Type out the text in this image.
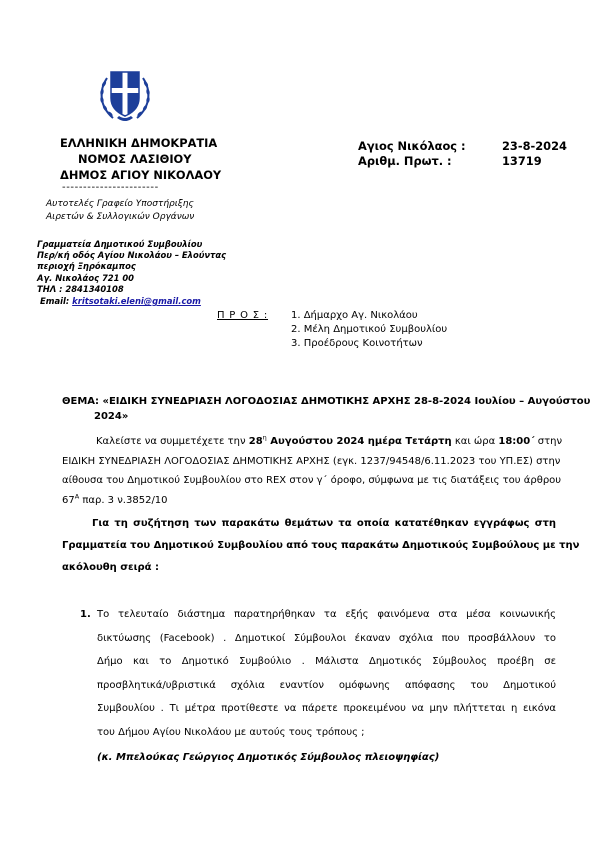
ΕΛΛΗΝΙΚΗ ΔΗΜΟΚΡΑΤΙΑ
ΝΟΜΟΣ ΛΑΣΙΘΙΟΥ
ΔΗΜΟΣ ΑΓΙΟΥ ΝΙΚΟΛΑΟΥ
-----------------------
Αυτοτελές Γραφείο Υποστήριξης
Αιρετών & Συλλογικών Οργάνων
Γραμματεία Δημοτικού Συμβουλίου
Περ/κή οδός Αγίου Νικολάου – Ελούντας
περιοχή Ξηρόκαμπος
Αγ. Νικολάος 721 00
ΤΗΛ : 2841340108
Email: kritsotaki.eleni@gmail.com
Αγιος Νικόλαος :
Αριθμ. Πρωτ. :
23-8-2024
13719
Π Ρ Ο Σ : 1. Δήμαρχο Αγ. Νικολάου
2. Μέλη Δημοτικού Συμβουλίου
3. Προέδρους Κοινοτήτων
ΘΕΜΑ: «ΕΙΔΙΚΗ ΣΥΝΕΔΡΙΑΣΗ ΛΟΓΟΔΟΣΙΑΣ ΔΗΜΟΤΙΚΗΣ ΑΡΧΗΣ 28-8-2024 Ιουλίου – Αυγούστου
2024»
Καλείστε να συμμετέχετε την $28^\eta$ Αυγούστου 2024 ημέρα Τετάρτη και ώρα 18:00΄ στην
ΕΙΔΙΚΗ ΣΥΝΕΔΡΙΑΣΗ ΛΟΓΟΔΟΣΙΑΣ ΔΗΜΟΤΙΚΗΣ ΑΡΧΗΣ (εγκ. 1237/94548/6.11.2023 του ΥΠ.ΕΣ) στην
αίθουσα του Δημοτικού Συμβουλίου στο REX στον γ΄ όροφο, σύμφωνα με τις διατάξεις του άρθρου
$67^A$ παρ. 3 ν.3852/10
Για τη συζήτηση των παρακάτω θεμάτων τα οποία κατατέθηκαν εγγράφως στη
Γραμματεία του Δημοτικού Συμβουλίου από τους παρακάτω Δημοτικούς Συμβούλους με την
ακόλουθη σειρά :
1. Το τελευταίο διάστημα παρατηρήθηκαν τα εξής φαινόμενα στα μέσα κοινωνικής
δικτύωσης (Facebook) . Δημοτικοί Σύμβουλοι έκαναν σχόλια που προσβάλλουν το
Δήμο και το Δημοτικό Συμβούλιο . Μάλιστα Δημοτικός Σύμβουλος προέβη σε
προσβλητικά/υβριστικά σχόλια εναντίον ομόφωνης απόφασης του Δημοτικού
Συμβουλίου . Τι μέτρα προτίθεστε να πάρετε προκειμένου να μην πλήττεται η εικόνα
του Δήμου Αγίου Νικολάου με αυτούς τους τρόπους ;
(κ. Μπελούκας Γεώργιος Δημοτικός Σύμβουλος πλειοψηφίας)
